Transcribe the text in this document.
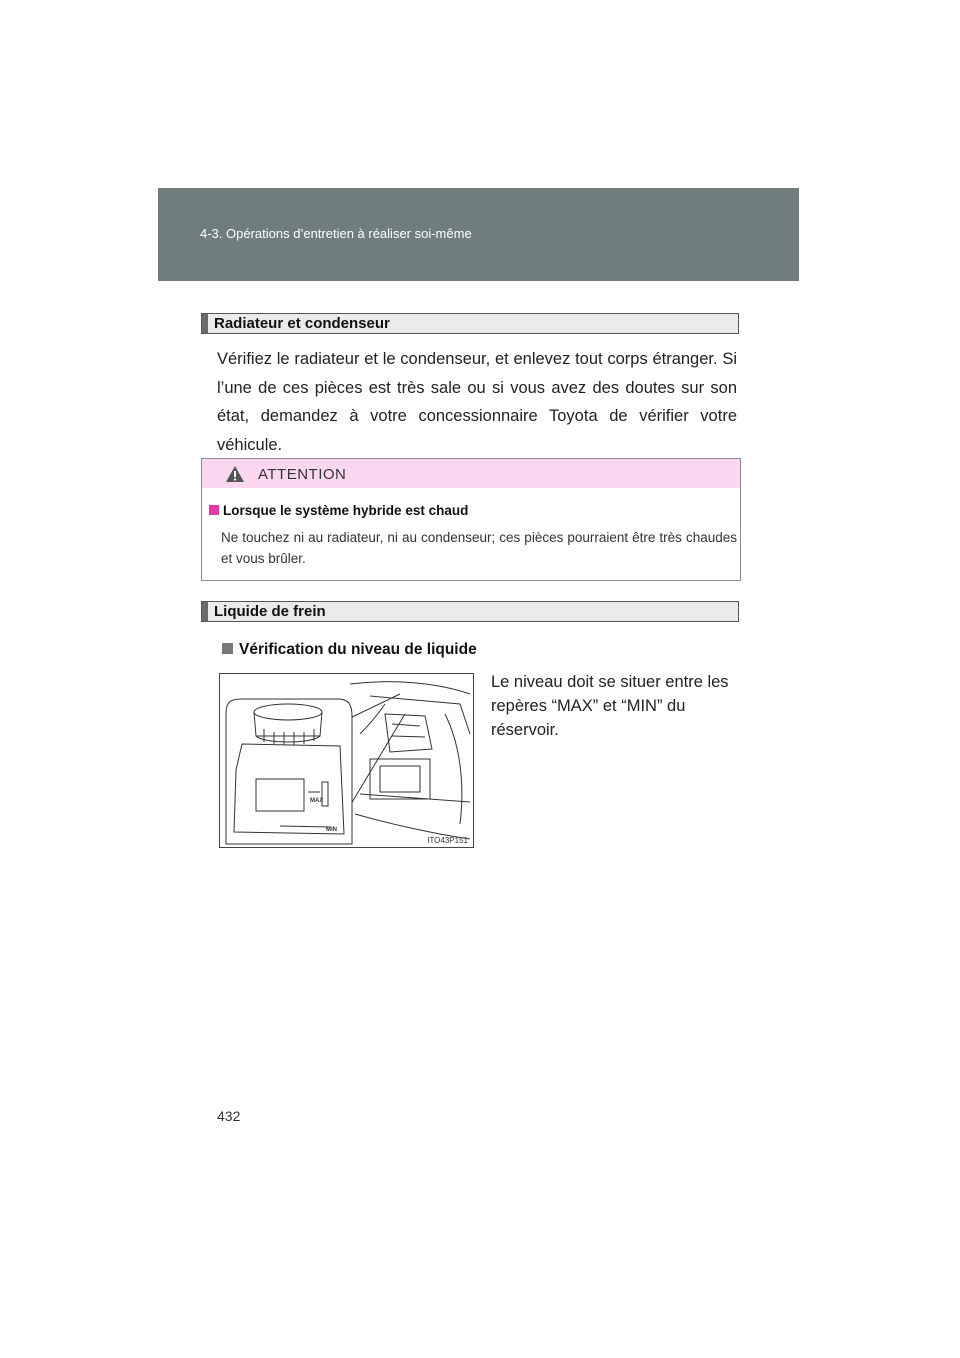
4-3. Opérations d’entretien à réaliser soi-même
Radiateur et condenseur

Vérifiez le radiateur et le condenseur, et enlevez tout corps étranger. Si l’une de ces pièces est très sale ou si vous avez des doutes sur son état, demandez à votre concessionnaire Toyota de vérifier votre véhicule.

ATTENTION
Lorsque le système hybride est chaud

Ne touchez ni au radiateur, ni au condenseur; ces pièces pourraient être très chaudes et vous brûler.

Liquide de frein
Vérification du niveau de liquide
MAX
MIN
ITO43P151

Le niveau doit se situer entre les repères “MAX” et “MIN” du réservoir.

432
